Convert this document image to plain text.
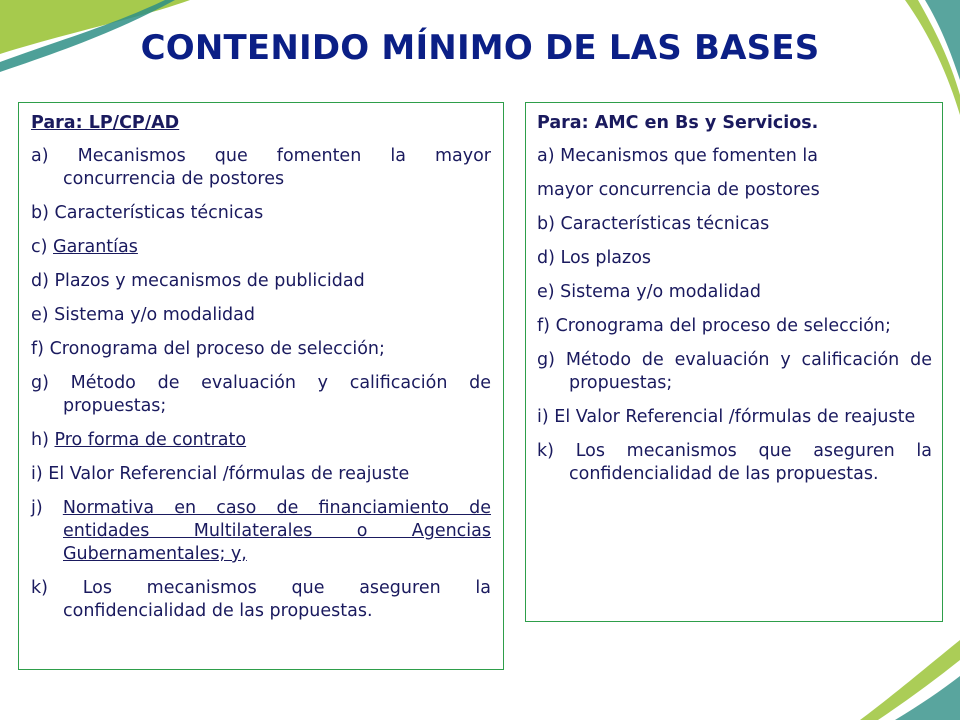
CONTENIDO MÍNIMO DE LAS BASES
Para: LP/CP/AD
a) Mecanismos que fomenten la mayor concurrencia de postores
b) Características técnicas
c) Garantías
d) Plazos y mecanismos de publicidad
e) Sistema y/o modalidad
f) Cronograma del proceso de selección;
g) Método de evaluación y calificación de propuestas;
h) Pro forma de contrato
i) El Valor Referencial /fórmulas de reajuste
j) Normativa en caso de financiamiento de entidades Multilaterales o Agencias Gubernamentales; y,
k) Los mecanismos que aseguren la confidencialidad de las propuestas.
Para: AMC en Bs y Servicios.
a) Mecanismos que fomenten la
mayor concurrencia de postores
b) Características técnicas
d) Los plazos
e) Sistema y/o modalidad
f) Cronograma del proceso de selección;
g) Método de evaluación y calificación de propuestas;
i) El Valor Referencial /fórmulas de reajuste
k) Los mecanismos que aseguren la confidencialidad de las propuestas.
